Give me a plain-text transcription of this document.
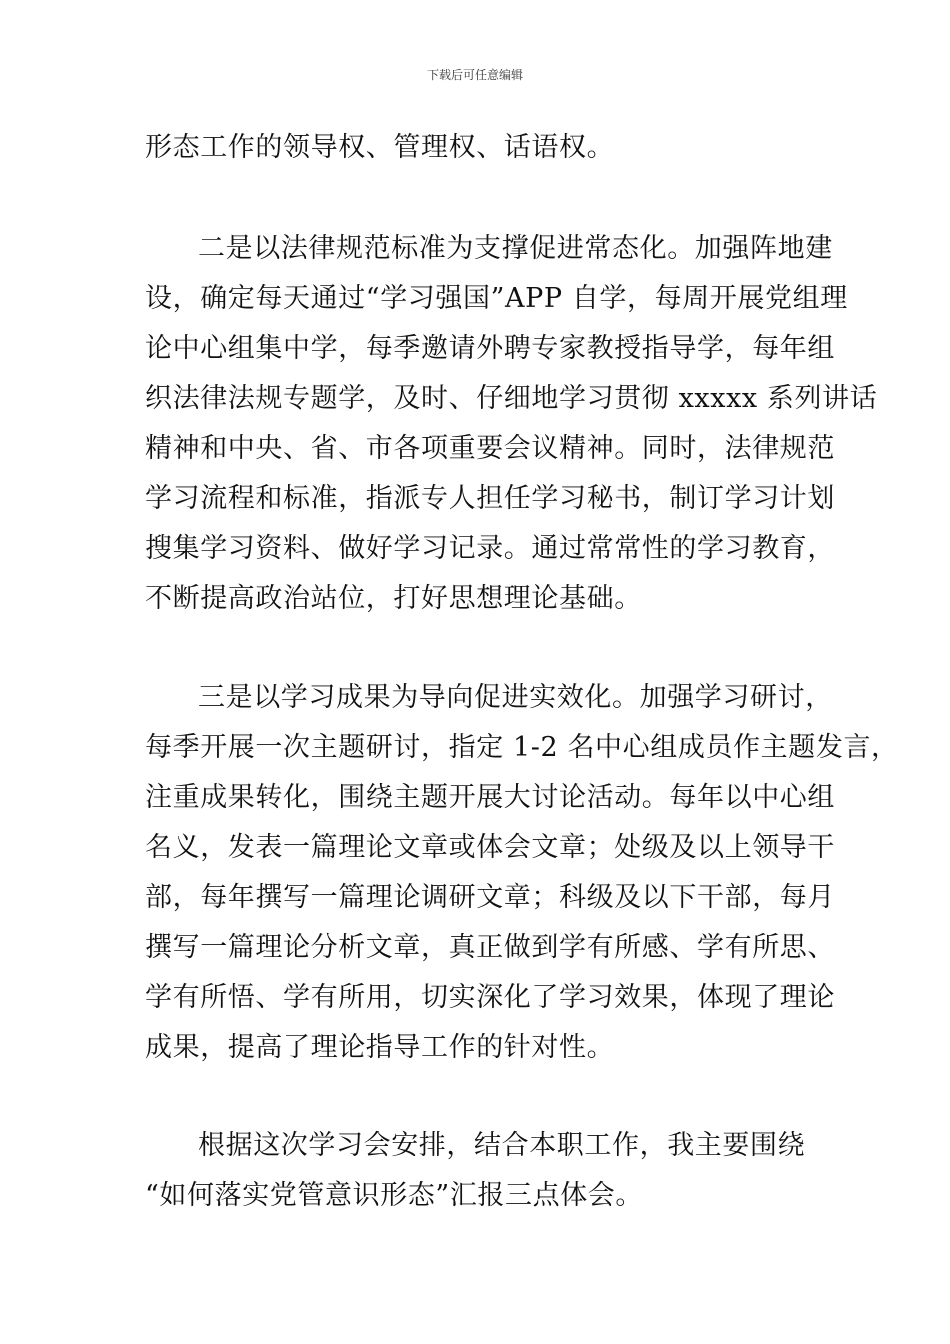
下载后可任意编辑
形态工作的领导权、管理权、话语权。
二是以法律规范标准为支撑促进常态化。加强阵地建
设，确定每天通过“学习强国”APP 自学，每周开展党组理
论中心组集中学，每季邀请外聘专家教授指导学，每年组
织法律法规专题学，及时、仔细地学习贯彻 xxxxx 系列讲话
精神和中央、省、市各项重要会议精神。同时，法律规范
学习流程和标准，指派专人担任学习秘书，制订学习计划
搜集学习资料、做好学习记录。通过常常性的学习教育，
不断提高政治站位，打好思想理论基础。
三是以学习成果为导向促进实效化。加强学习研讨，
每季开展一次主题研讨，指定 1-2 名中心组成员作主题发言，
注重成果转化，围绕主题开展大讨论活动。每年以中心组
名义，发表一篇理论文章或体会文章；处级及以上领导干
部，每年撰写一篇理论调研文章；科级及以下干部，每月
撰写一篇理论分析文章，真正做到学有所感、学有所思、
学有所悟、学有所用，切实深化了学习效果，体现了理论
成果，提高了理论指导工作的针对性。
根据这次学习会安排，结合本职工作，我主要围绕
“如何落实党管意识形态”汇报三点体会。
